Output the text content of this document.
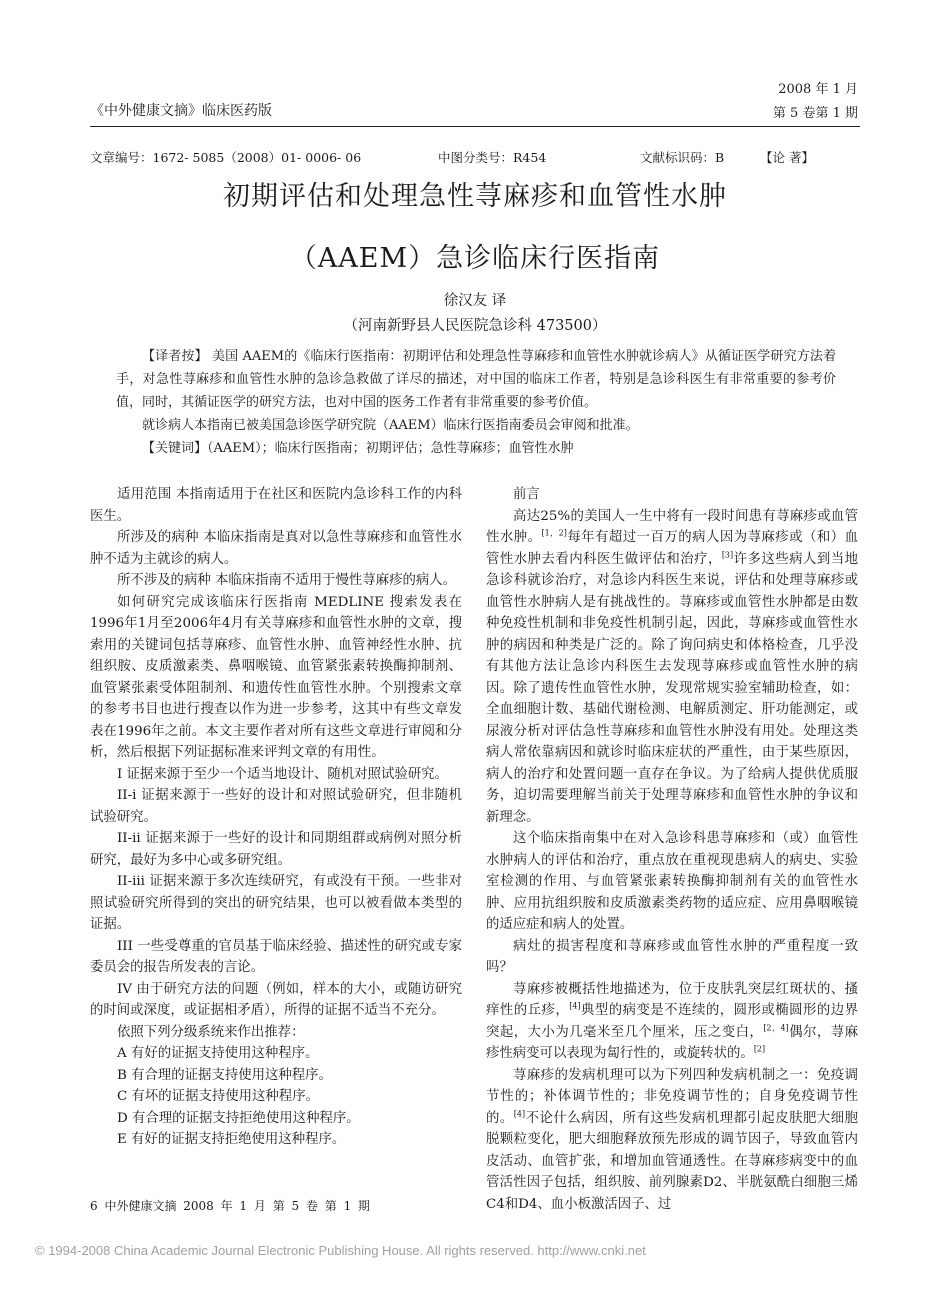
《中外健康文摘》临床医药版
2008 年 1 月
第 5 卷第 1 期
文章编号：1672- 5085（2008）01- 0006- 06	中图分类号：R454	文献标识码：B	【论 著】
初期评估和处理急性荨麻疹和血管性水肿
（AAEM）急诊临床行医指南
徐汉友 译
（河南新野县人民医院急诊科 473500）

【译者按】 美国 AAEM的《临床行医指南：初期评估和处理急性荨麻疹和血管性水肿就诊病人》从循证医学研究方法着手，对急性荨麻疹和血管性水肿的急诊急救做了详尽的描述，对中国的临床工作者，特别是急诊科医生有非常重要的参考价值，同时，其循证医学的研究方法，也对中国的医务工作者有非常重要的参考价值。

就诊病人本指南已被美国急诊医学研究院（AAEM）临床行医指南委员会审阅和批准。

【关键词】（AAEM）；临床行医指南；初期评估；急性荨麻疹；血管性水肿

适用范围 本指南适用于在社区和医院内急诊科工作的内科医生。

所涉及的病种 本临床指南是真对以急性荨麻疹和血管性水肿不适为主就诊的病人。

所不涉及的病种 本临床指南不适用于慢性荨麻疹的病人。

如何研究完成该临床行医指南 MEDLINE 搜索发表在1996年1月至2006年4月有关荨麻疹和血管性水肿的文章，搜索用的关键词包括荨麻疹、血管性水肿、血管神经性水肿、抗组织胺、皮质激素类、鼻咽喉镜、血管紧张素转换酶抑制剂、血管紧张素受体阻制剂、和遗传性血管性水肿。个别搜索文章的参考书目也进行搜查以作为进一步参考，这其中有些文章发表在1996年之前。本文主要作者对所有这些文章进行审阅和分析，然后根据下列证据标准来评判文章的有用性。

I 证据来源于至少一个适当地设计、随机对照试验研究。

II-i 证据来源于一些好的设计和对照试验研究，但非随机试验研究。

II-ii 证据来源于一些好的设计和同期组群或病例对照分析研究，最好为多中心或多研究组。

II-iii 证据来源于多次连续研究，有或没有干预。一些非对照试验研究所得到的突出的研究结果，也可以被看做本类型的证据。

III 一些受尊重的官员基于临床经验、描述性的研究或专家委员会的报告所发表的言论。

IV 由于研究方法的问题（例如，样本的大小，或随访研究的时间或深度，或证据相矛盾），所得的证据不适当不充分。

依照下列分级系统来作出推荐：

A 有好的证据支持使用这种程序。

B 有合理的证据支持使用这种程序。

C 有坏的证据支持使用这种程序。

D 有合理的证据支持拒绝使用这种程序。

E 有好的证据支持拒绝使用这种程序。

前言

高达25%的美国人一生中将有一段时间患有荨麻疹或血管性水肿。[1，2]每年有超过一百万的病人因为荨麻疹或（和）血管性水肿去看内科医生做评估和治疗，[3]许多这些病人到当地急诊科就诊治疗，对急诊内科医生来说，评估和处理荨麻疹或血管性水肿病人是有挑战性的。荨麻疹或血管性水肿都是由数种免疫性机制和非免疫性机制引起，因此，荨麻疹或血管性水肿的病因和种类是广泛的。除了询问病史和体格检查，几乎没有其他方法让急诊内科医生去发现荨麻疹或血管性水肿的病因。除了遗传性血管性水肿，发现常规实验室辅助检查，如：全血细胞计数、基础代谢检测、电解质测定、肝功能测定，或尿液分析对评估急性荨麻疹和血管性水肿没有用处。处理这类病人常依靠病因和就诊时临床症状的严重性，由于某些原因，病人的治疗和处置问题一直存在争议。为了给病人提供优质服务，迫切需要理解当前关于处理荨麻疹和血管性水肿的争议和新理念。

这个临床指南集中在对入急诊科患荨麻疹和（或）血管性水肿病人的评估和治疗，重点放在重视现患病人的病史、实验室检测的作用、与血管紧张素转换酶抑制剂有关的血管性水肿、应用抗组织胺和皮质激素类药物的适应症、应用鼻咽喉镜的适应症和病人的处置。

病灶的损害程度和荨麻疹或血管性水肿的严重程度一致吗？

荨麻疹被概括性地描述为，位于皮肤乳突层红斑状的、搔痒性的丘疹，[4]典型的病变是不连续的，圆形或椭圆形的边界突起，大小为几毫米至几个厘米，压之变白，[2，4]偶尔，荨麻疹性病变可以表现为匐行性的，或旋转状的。[2]

荨麻疹的发病机理可以为下列四种发病机制之一：免疫调节性的；补体调节性的；非免疫调节性的；自身免疫调节性的。[4]不论什么病因，所有这些发病机理都引起皮肤肥大细胞脱颗粒变化，肥大细胞释放预先形成的调节因子，导致血管内皮活动、血管扩张，和增加血管通透性。在荨麻疹病变中的血管活性因子包括，组织胺、前列腺素D2、半胱氨酰白细胞三烯C4和D4、血小板激活因子、过

6 中外健康文摘 2008 年 1 月 第 5 卷 第 1 期
© 1994-2008 China Academic Journal Electronic Publishing House. All rights reserved. http://www.cnki.net
